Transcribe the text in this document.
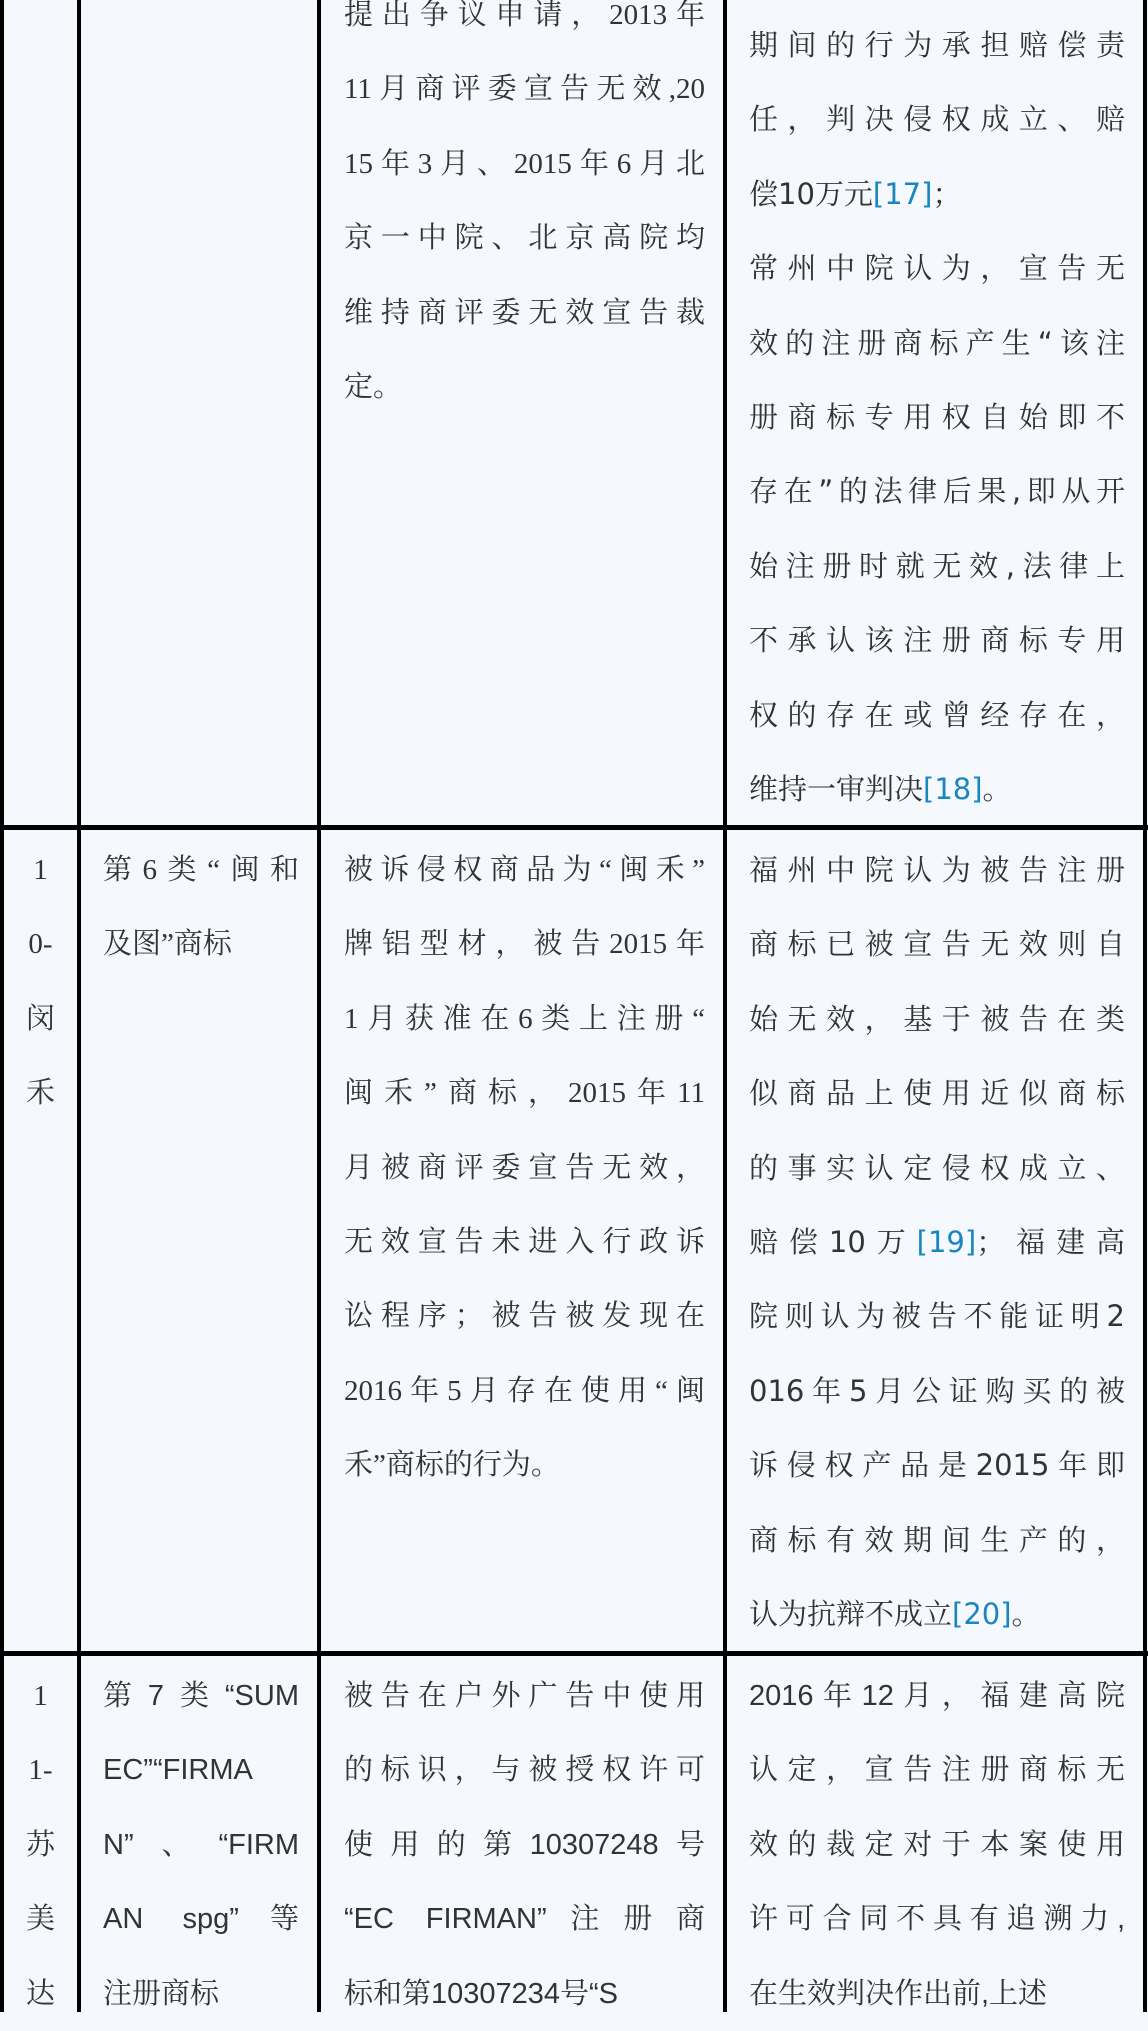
提出争议申请，2013年
11月商评委宣告无效,20
15年3月、2015年6月北
京一中院、北京高院均
维持商评委无效宣告裁
定。
期间的行为承担赔偿责
任，判决侵权成立、赔
偿10万元[17]；
常州中院认为，宣告无
效的注册商标产生“该注
册商标专用权自始即不
存在”的法律后果,即从开
始注册时就无效,法律上
不承认该注册商标专用
权的存在或曾经存在，
维持一审判决[18]。
1
0-
闵
禾
第6类“闽和
及图”商标
被诉侵权商品为“闽禾”
牌铝型材，被告2015年
1月获准在6类上注册“
闽禾”商标，2015年11
月被商评委宣告无效，
无效宣告未进入行政诉
讼程序；被告被发现在
2016年5月存在使用“闽
禾”商标的行为。
福州中院认为被告注册
商标已被宣告无效则自
始无效，基于被告在类
似商品上使用近似商标
的事实认定侵权成立、
赔偿10万[19]；福建高
院则认为被告不能证明2
016年5月公证购买的被
诉侵权产品是2015年即
商标有效期间生产的，
认为抗辩不成立[20]。
1
1-
苏
美
达
第7类“SUM
EC”“FIRMA
N”、“FIRM
AN spg”等
注册商标
被告在户外广告中使用
的标识，与被授权许可
使用的第10307248号
“EC FIRMAN”注册商
标和第10307234号“S
2016年12月，福建高院
认定，宣告注册商标无
效的裁定对于本案使用
许可合同不具有追溯力,
在生效判决作出前,上述
